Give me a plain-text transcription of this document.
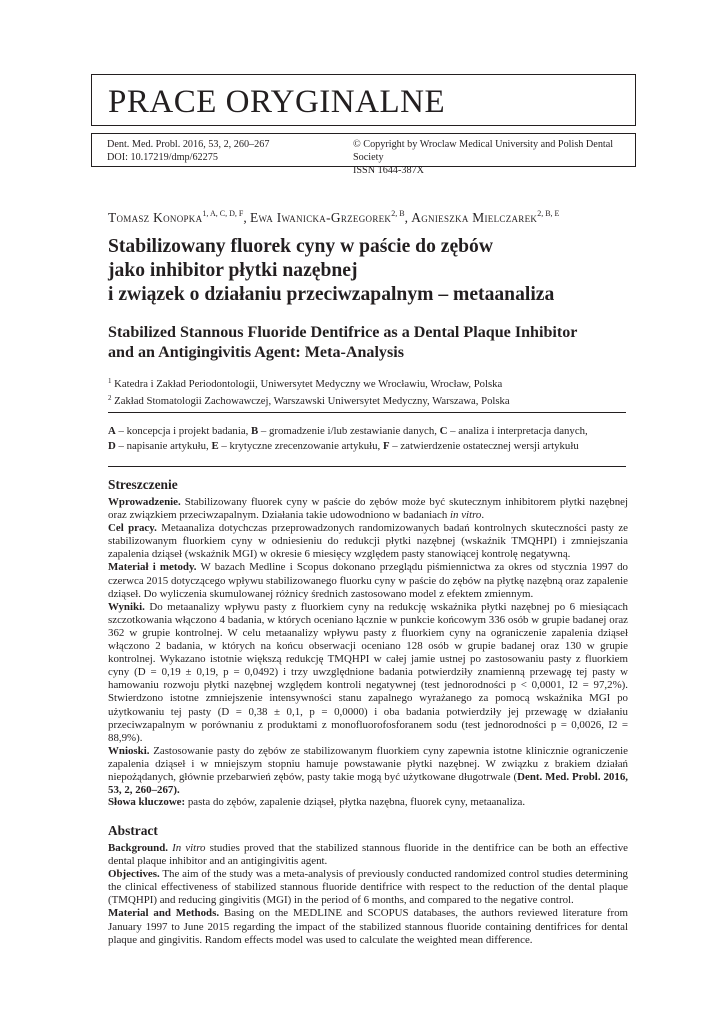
PRACE ORYGINALNE
Dent. Med. Probl. 2016, 53, 2, 260–267
DOI: 10.17219/dmp/62275
© Copyright by Wroclaw Medical University and Polish Dental Society
ISSN 1644-387X
Tomasz Konopka$^{1, A, C, D, F}$, Ewa Iwanicka-Grzegorek$^{2, B}$, Agnieszka Mielczarek$^{2, B, E}$
Stabilizowany fluorek cyny w paście do zębów
jako inhibitor płytki nazębnej
i związek o działaniu przeciwzapalnym – metaanaliza
Stabilized Stannous Fluoride Dentifrice as a Dental Plaque Inhibitor
and an Antigingivitis Agent: Meta-Analysis
$^1$ Katedra i Zakład Periodontologii, Uniwersytet Medyczny we Wrocławiu, Wrocław, Polska
$^2$ Zakład Stomatologii Zachowawczej, Warszawski Uniwersytet Medyczny, Warszawa, Polska
A – koncepcja i projekt badania, B – gromadzenie i/lub zestawianie danych, C – analiza i interpretacja danych,
D – napisanie artykułu, E – krytyczne zrecenzowanie artykułu, F – zatwierdzenie ostatecznej wersji artykułu
Streszczenie

Wprowadzenie. Stabilizowany fluorek cyny w paście do zębów może być skutecznym inhibitorem płytki nazębnej oraz związkiem przeciwzapalnym. Działania takie udowodniono w badaniach in vitro.

Cel pracy. Metaanaliza dotychczas przeprowadzonych randomizowanych badań kontrolnych skuteczności pasty ze stabilizowanym fluorkiem cyny w odniesieniu do redukcji płytki nazębnej (wskaźnik TMQHPI) i zmniejszania zapalenia dziąseł (wskaźnik MGI) w okresie 6 miesięcy względem pasty stanowiącej kontrolę negatywną.

Materiał i metody. W bazach Medline i Scopus dokonano przeglądu piśmiennictwa za okres od stycznia 1997 do czerwca 2015 dotyczącego wpływu stabilizowanego fluorku cyny w paście do zębów na płytkę nazębną oraz zapalenie dziąseł. Do wyliczenia skumulowanej różnicy średnich zastosowano model z efektem zmiennym.

Wyniki. Do metaanalizy wpływu pasty z fluorkiem cyny na redukcję wskaźnika płytki nazębnej po 6 miesiącach szczotkowania włączono 4 badania, w których oceniano łącznie w punkcie końcowym 336 osób w grupie badanej oraz 362 w grupie kontrolnej. W celu metaanalizy wpływu pasty z fluorkiem cyny na ograniczenie zapalenia dziąseł włączono 2 badania, w których na końcu obserwacji oceniano 128 osób w grupie badanej oraz 130 w grupie kontrolnej. Wykazano istotnie większą redukcję TMQHPI w całej jamie ustnej po zastosowaniu pasty z fluorkiem cyny (D = 0,19 ± 0,19, p = 0,0492) i trzy uwzględnione badania potwierdziły znamienną przewagę tej pasty w hamowaniu rozwoju płytki nazębnej względem kontroli negatywnej (test jednorodności p < 0,0001, I2 = 97,2%). Stwierdzono istotne zmniejszenie intensywności stanu zapalnego wyrażanego za pomocą wskaźnika MGI po użytkowaniu tej pasty (D = 0,38 ± 0,1, p = 0,0000) i oba badania potwierdziły jej przewagę w działaniu przeciwzapalnym w porównaniu z produktami z monofluorofosforanem sodu (test jednorodności p = 0,0026, I2 = 88,9%).

Wnioski. Zastosowanie pasty do zębów ze stabilizowanym fluorkiem cyny zapewnia istotne klinicznie ograniczenie zapalenia dziąseł i w mniejszym stopniu hamuje powstawanie płytki nazębnej. W związku z brakiem działań niepożądanych, głównie przebarwień zębów, pasty takie mogą być użytkowane długotrwale (Dent. Med. Probl. 2016, 53, 2, 260–267).

Słowa kluczowe: pasta do zębów, zapalenie dziąseł, płytka nazębna, fluorek cyny, metaanaliza.
Abstract

Background. In vitro studies proved that the stabilized stannous fluoride in the dentifrice can be both an effective dental plaque inhibitor and an antigingivitis agent.

Objectives. The aim of the study was a meta-analysis of previously conducted randomized control studies determining the clinical effectiveness of stabilized stannous fluoride dentifrice with respect to the reduction of the dental plaque (TMQHPI) and reducing gingivitis (MGI) in the period of 6 months, and compared to the negative control.

Material and Methods. Basing on the MEDLINE and SCOPUS databases, the authors reviewed literature from January 1997 to June 2015 regarding the impact of the stabilized stannous fluoride containing dentifrices for dental plaque and gingivitis. Random effects model was used to calculate the weighted mean difference.
